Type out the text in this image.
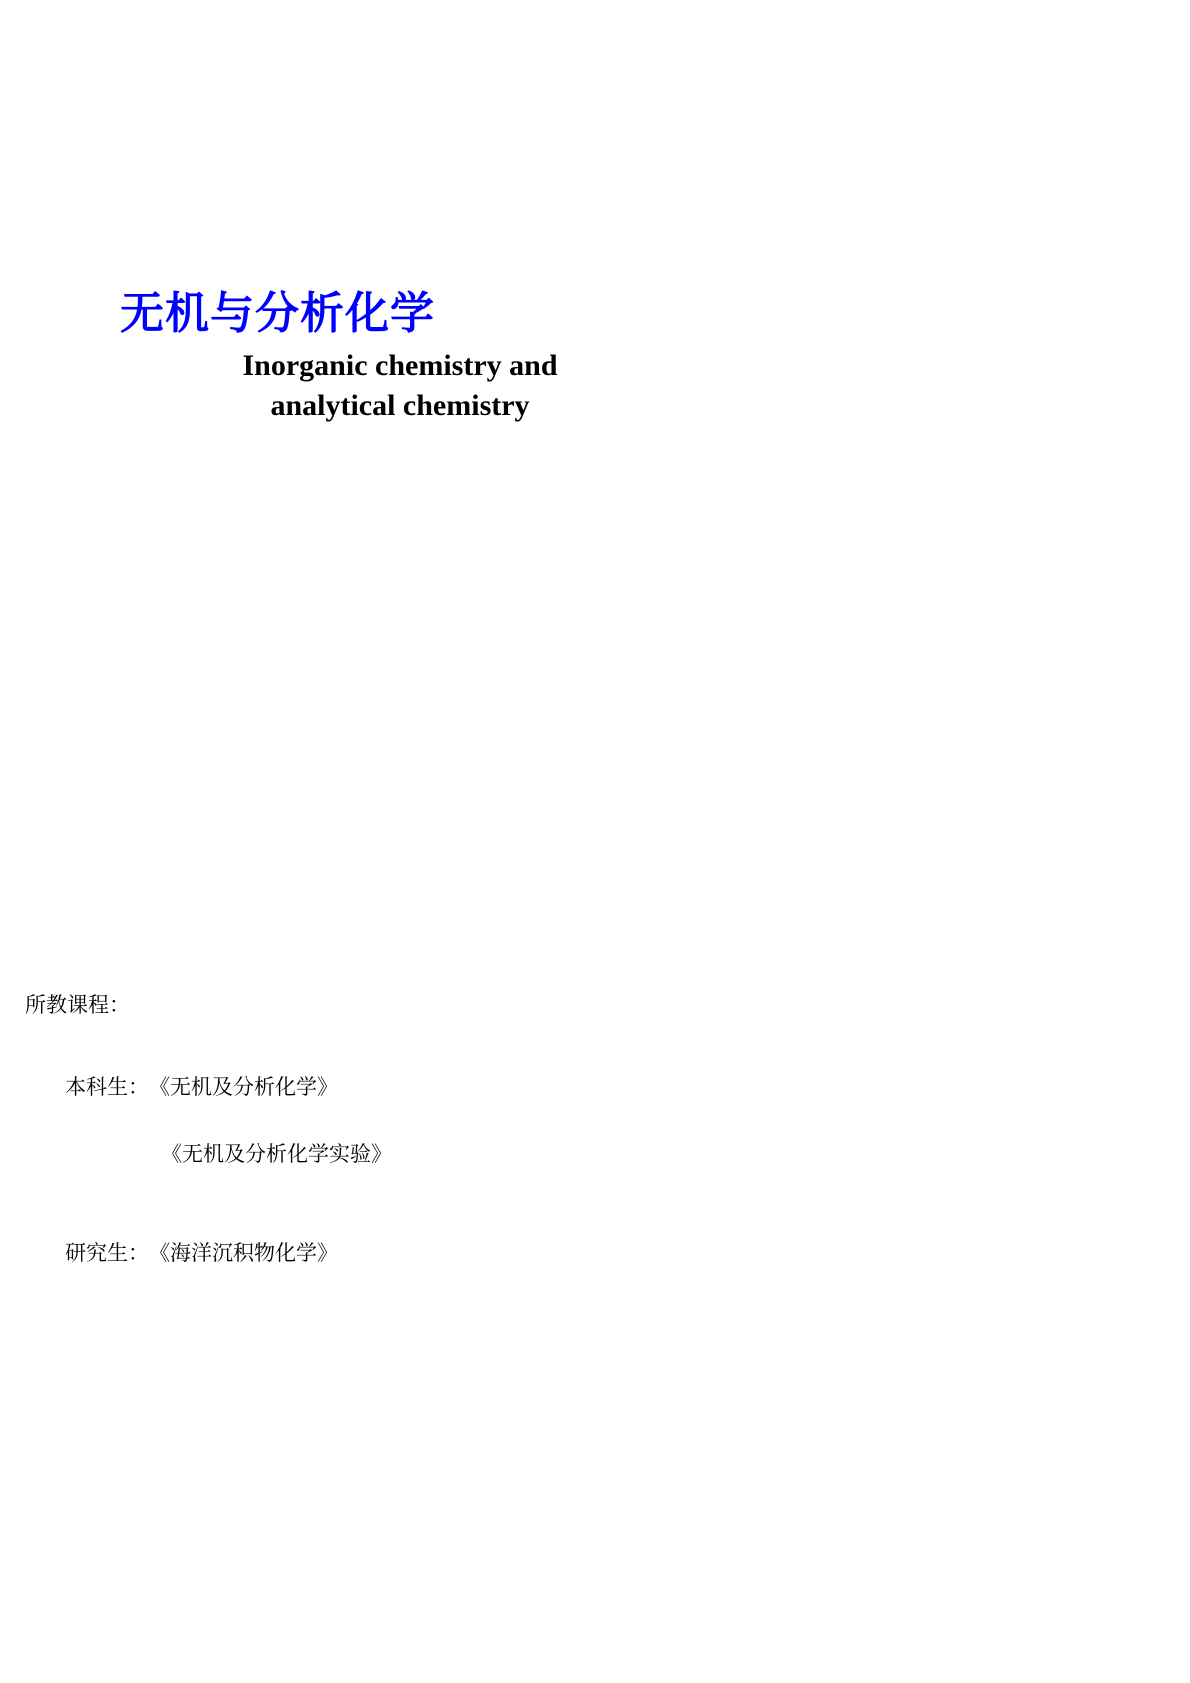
无机与分析化学
Inorganic chemistry and
analytical chemistry
所教课程：

本科生：《无机及分析化学》

《无机及分析化学实验》

研究生：《海洋沉积物化学》
